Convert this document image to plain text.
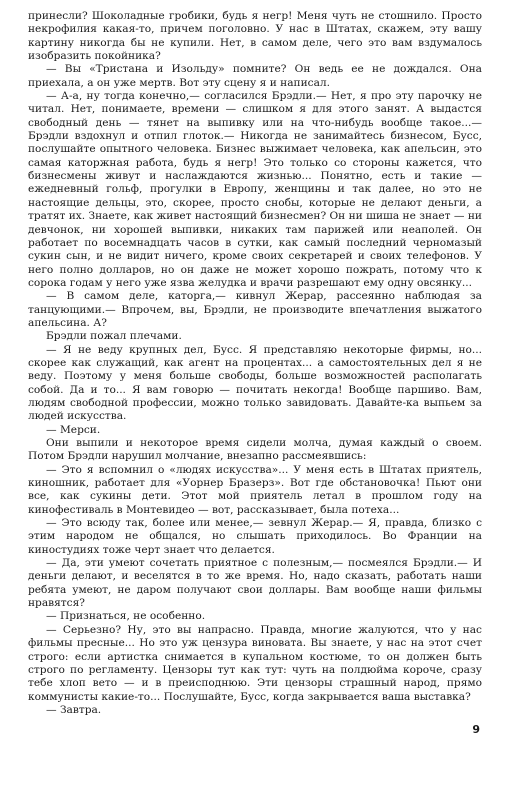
принесли? Шоколадные гробики, будь я негр! Меня чуть не стошнило. Просто некрофилия какая-то, причем поголовно. У нас в Штатах, скажем, эту вашу картину никогда бы не купили. Нет, в самом деле, чего это вам вздумалось изобразить покойника?

— Вы «Тристана и Изольду» помните? Он ведь ее не дождался. Она приехала, а он уже мертв. Вот эту сцену я и написал.

— А-а, ну тогда конечно,— согласился Брэдли.— Нет, я про эту парочку не читал. Нет, понимаете, времени — слишком я для этого занят. А выдастся свободный день — тянет на выпивку или на что-нибудь вообще такое...— Брэдли вздохнул и отпил глоток.— Никогда не занимайтесь бизнесом, Бусс, послушайте опытного человека. Бизнес выжимает человека, как апельсин, это самая каторжная работа, будь я негр! Это только со стороны кажется, что бизнесмены живут и наслаждаются жизнью... Понятно, есть и такие — ежедневный гольф, прогулки в Европу, женщины и так далее, но это не настоящие дельцы, это, скорее, просто снобы, которые не делают деньги, а тратят их. Знаете, как живет настоящий бизнесмен? Он ни шиша не знает — ни девчонок, ни хорошей выпивки, никаких там парижей или неаполей. Он работает по восемнадцать часов в сутки, как самый последний черномазый сукин сын, и не видит ничего, кроме своих секретарей и своих телефонов. У него полно долларов, но он даже не может хорошо пожрать, потому что к сорока годам у него уже язва желудка и врачи разрешают ему одну овсянку...

— В самом деле, каторга,— кивнул Жерар, рассеянно наблюдая за танцующими.— Впрочем, вы, Брэдли, не производите впечатления выжатого апельсина. А?

Брэдли пожал плечами.

— Я не веду крупных дел, Бусс. Я представляю некоторые фирмы, но... скорее как служащий, как агент на процентах... а самостоятельных дел я не веду. Поэтому у меня больше свободы, больше возможностей располагать собой. Да и то... Я вам говорю — почитать некогда! Вообще паршиво. Вам, людям свободной профессии, можно только завидовать. Давайте-ка выпьем за людей искусства.

— Мерси.

Они выпили и некоторое время сидели молча, думая каждый о своем. Потом Брэдли нарушил молчание, внезапно рассмеявшись:

— Это я вспомнил о «людях искусства»... У меня есть в Штатах приятель, киношник, работает для «Уорнер Бразерз». Вот где обстановочка! Пьют они все, как сукины дети. Этот мой приятель летал в прошлом году на кинофестиваль в Монтевидео — вот, рассказывает, была потеха...

— Это всюду так, более или менее,— зевнул Жерар.— Я, правда, близко с этим народом не общался, но слышать приходилось. Во Франции на киностудиях тоже черт знает что делается.

— Да, эти умеют сочетать приятное с полезным,— посмеялся Брэдли.— И деньги делают, и веселятся в то же время. Но, надо сказать, работать наши ребята умеют, не даром получают свои доллары. Вам вообще наши фильмы нравятся?

— Признаться, не особенно.

— Серьезно? Ну, это вы напрасно. Правда, многие жалуются, что у нас фильмы пресные... Но это уж цензура виновата. Вы знаете, у нас на этот счет строго: если артистка снимается в купальном костюме, то он должен быть строго по регламенту. Цензоры тут как тут: чуть на полдюйма короче, сразу тебе хлоп вето — и в преисподнюю. Эти цензоры страшный народ, прямо коммунисты какие-то... Послушайте, Бусс, когда закрывается ваша выставка?

— Завтра.

9
